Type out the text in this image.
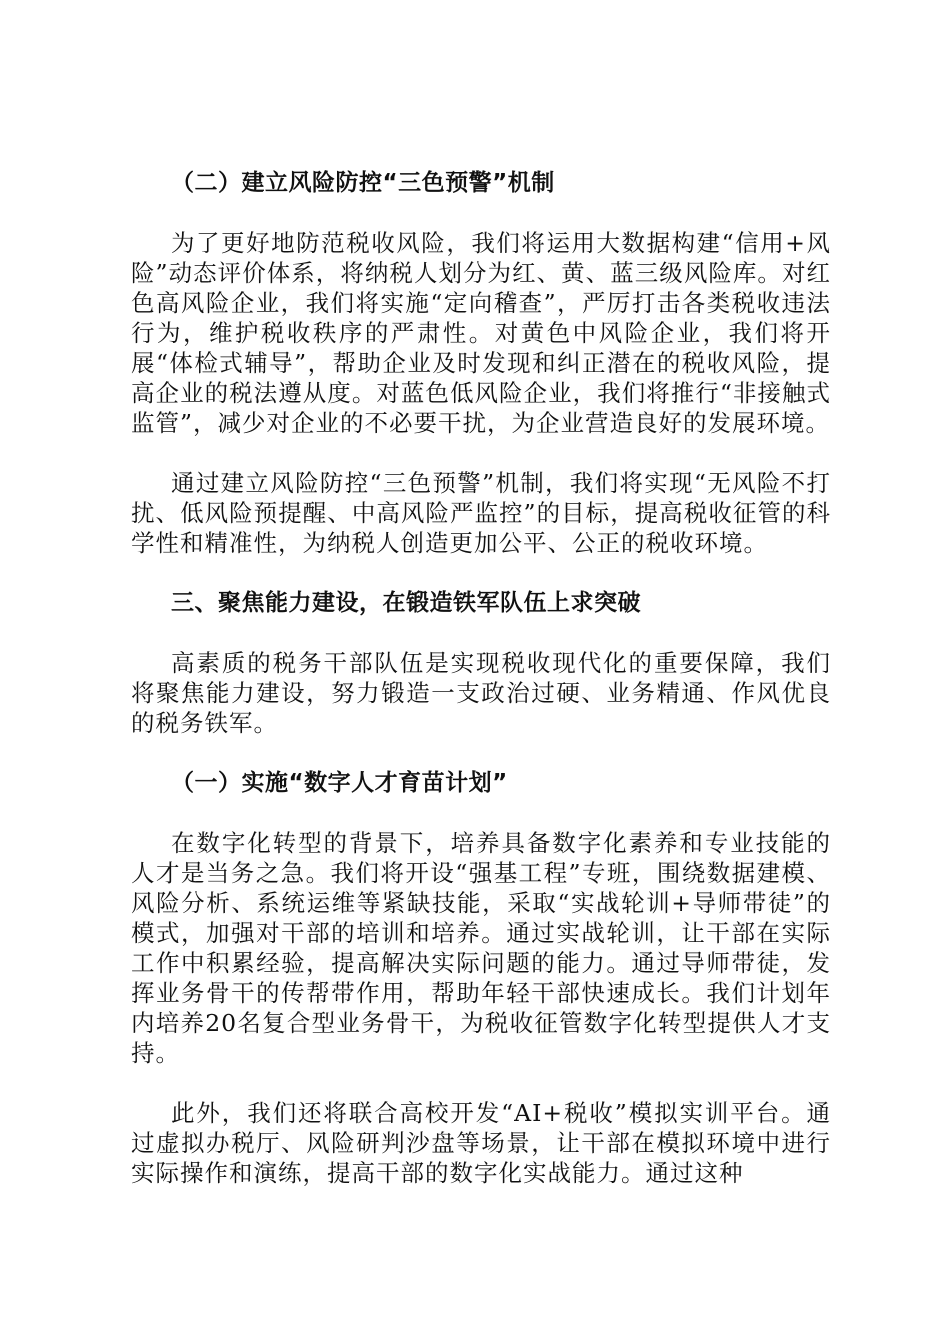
（二）建立风险防控“三色预警”机制

为了更好地防范税收风险，我们将运用大数据构建“信用+风险”动态评价体系，将纳税人划分为红、黄、蓝三级风险库。对红色高风险企业，我们将实施“定向稽查”，严厉打击各类税收违法行为，维护税收秩序的严肃性。对黄色中风险企业，我们将开展“体检式辅导”，帮助企业及时发现和纠正潜在的税收风险，提高企业的税法遵从度。对蓝色低风险企业，我们将推行“非接触式监管”，减少对企业的不必要干扰，为企业营造良好的发展环境。

通过建立风险防控“三色预警”机制，我们将实现“无风险不打扰、低风险预提醒、中高风险严监控”的目标，提高税收征管的科学性和精准性，为纳税人创造更加公平、公正的税收环境。

三、聚焦能力建设，在锻造铁军队伍上求突破

高素质的税务干部队伍是实现税收现代化的重要保障，我们将聚焦能力建设，努力锻造一支政治过硬、业务精通、作风优良的税务铁军。

（一）实施“数字人才育苗计划”

在数字化转型的背景下，培养具备数字化素养和专业技能的人才是当务之急。我们将开设“强基工程”专班，围绕数据建模、风险分析、系统运维等紧缺技能，采取“实战轮训+导师带徒”的模式，加强对干部的培训和培养。通过实战轮训，让干部在实际工作中积累经验，提高解决实际问题的能力。通过导师带徒，发挥业务骨干的传帮带作用，帮助年轻干部快速成长。我们计划年内培养20名复合型业务骨干，为税收征管数字化转型提供人才支持。

此外，我们还将联合高校开发“AI+税收”模拟实训平台。通过虚拟办税厅、风险研判沙盘等场景，让干部在模拟环境中进行实际操作和演练，提高干部的数字化实战能力。通过这种
